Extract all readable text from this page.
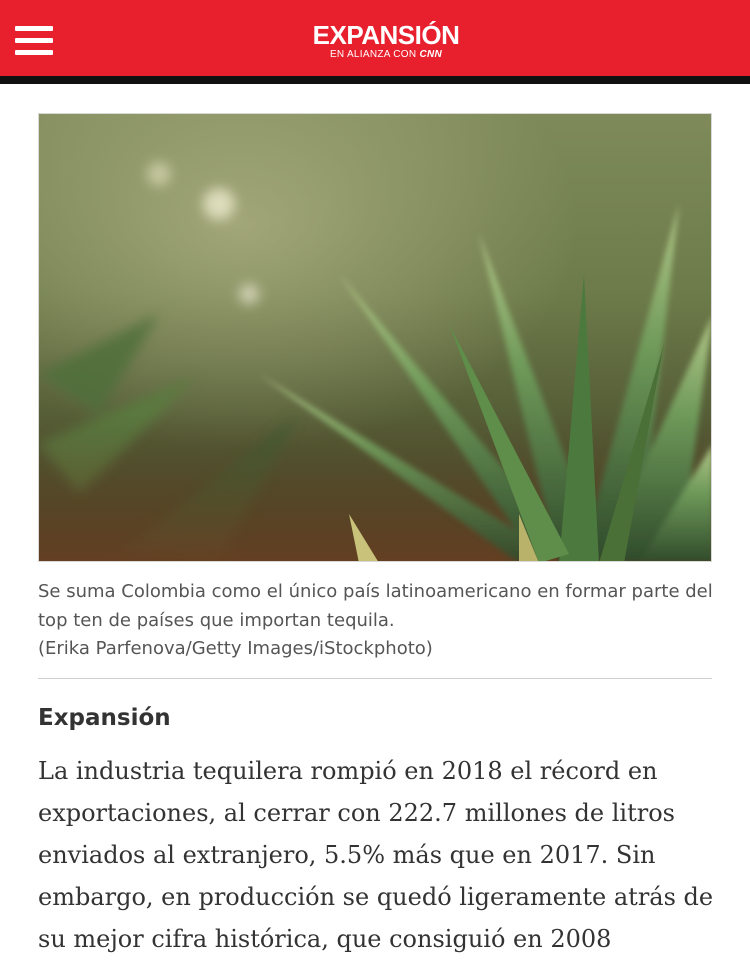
EXPANSIÓN
EN ALIANZA CON CNN

Se suma Colombia como el único país latinoamericano en formar parte del top ten de países que importan tequila.

(Erika Parfenova/Getty Images/iStockphoto)

Expansión

La industria tequilera rompió en 2018 el récord en exportaciones, al cerrar con 222.7 millones de litros enviados al extranjero, 5.5% más que en 2017. Sin embargo, en producción se quedó ligeramente atrás de su mejor cifra histórica, que consiguió en 2008
